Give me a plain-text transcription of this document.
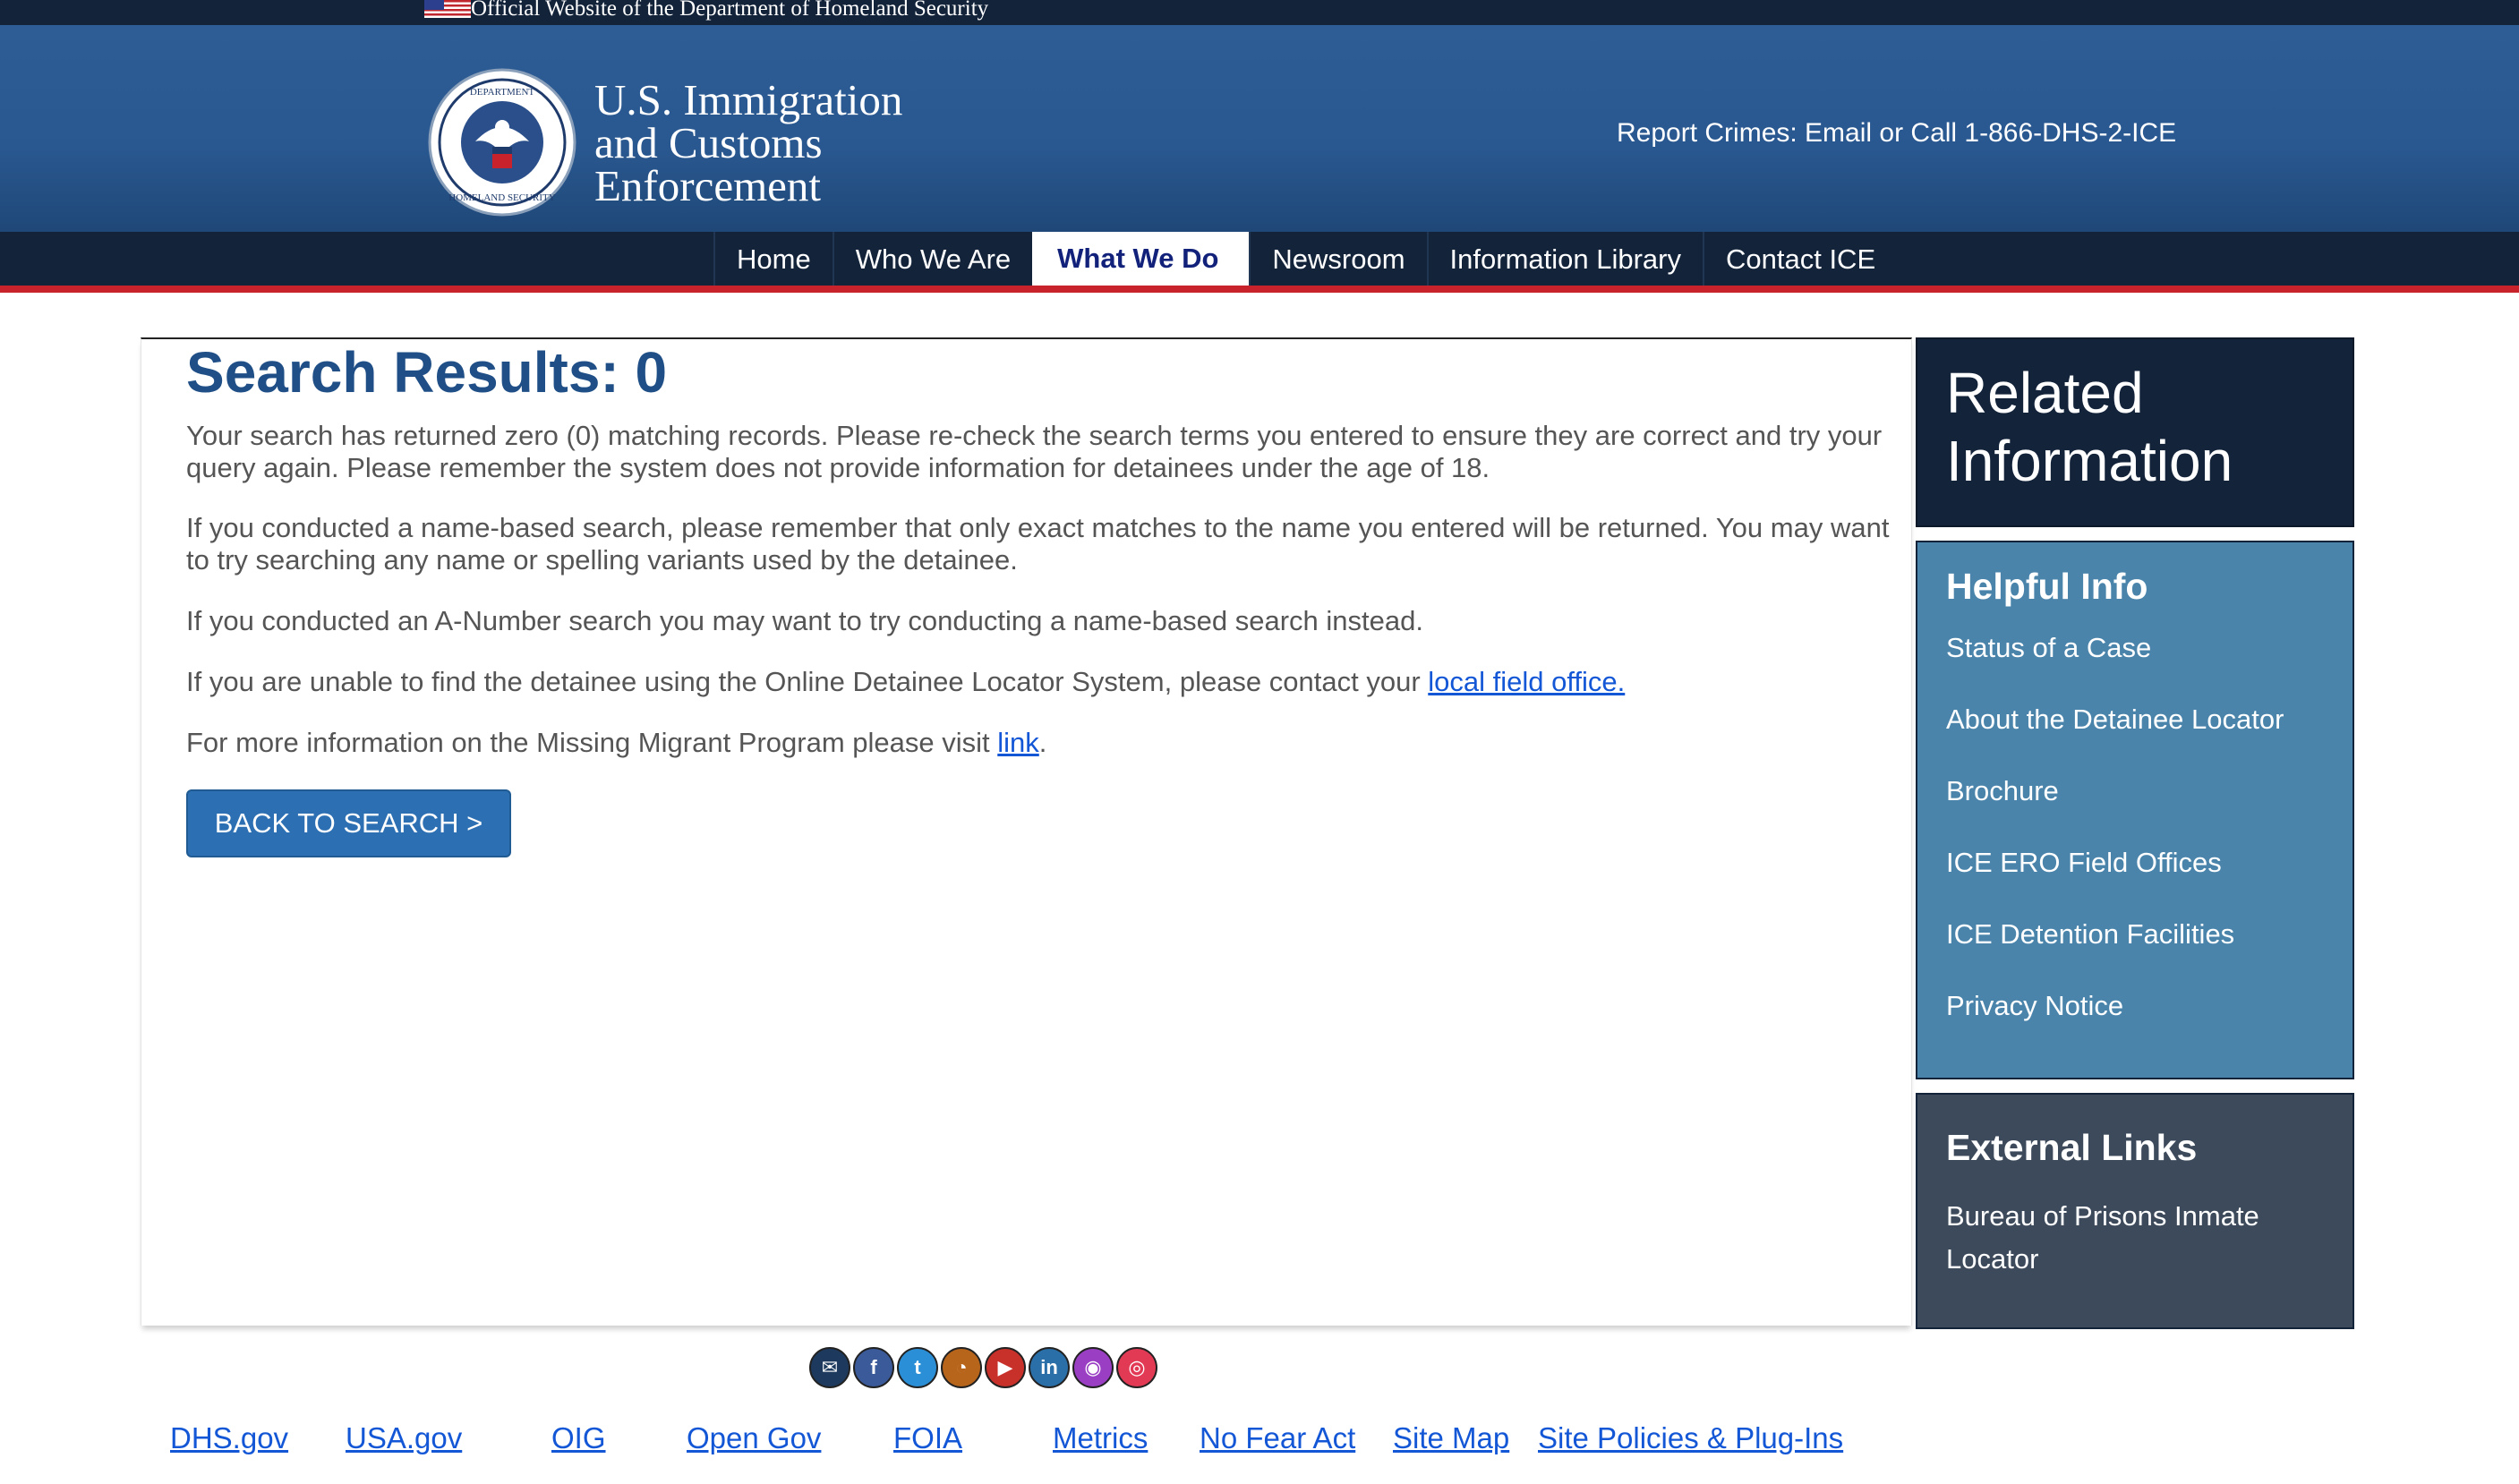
Official Website of the Department of Homeland Security
DEPARTMENT
HOMELAND SECURITY
U.S. Immigration
and Customs
Enforcement
Report Crimes: Email or Call 1-866-DHS-2-ICE
Home	Who We Are	What We Do	Newsroom	Information Library	Contact ICE
Search Results: 0

Your search has returned zero (0) matching records. Please re-check the search terms you entered to ensure they are correct and try your query again. Please remember the system does not provide information for detainees under the age of 18.

If you conducted a name-based search, please remember that only exact matches to the name you entered will be returned. You may want to try searching any name or spelling variants used by the detainee.

If you conducted an A-Number search you may want to try conducting a name-based search instead.

If you are unable to find the detainee using the Online Detainee Locator System, please contact your local field office.

For more information on the Missing Migrant Program please visit link.

BACK TO SEARCH >
Related Information
Helpful Info
Status of a Case
About the Detainee Locator
Brochure
ICE ERO Field Offices
ICE Detention Facilities
Privacy Notice
External Links
Bureau of Prisons Inmate Locator
✉	f	t	◔	▶	in	◉	◎
DHS.gov USA.gov	OIG	Open Gov FOIA	Metrics No Fear Act Site Map Site Policies & Plug-Ins
